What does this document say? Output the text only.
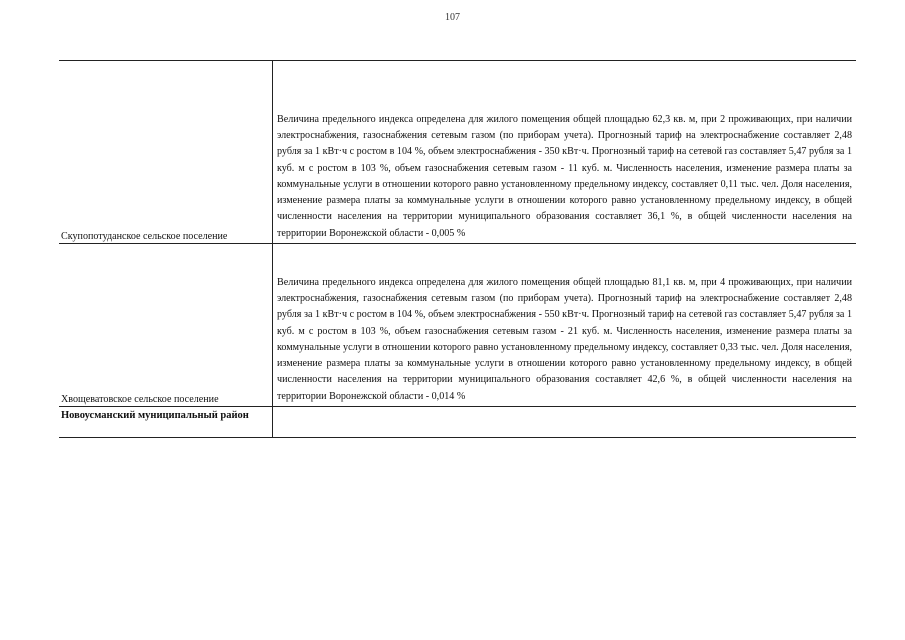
107
Скупопотуданское сельское поселение

Величина предельного индекса определена для жилого помещения общей площадью 62,3 кв. м, при 2 проживающих, при наличии электроснабжения, газоснабжения сетевым газом (по приборам учета). Прогнозный тариф на электроснабжение составляет 2,48 рубля за 1 кВт·ч с ростом в 104 %, объем электроснабжения - 350 кВт·ч. Прогнозный тариф на сетевой газ составляет 5,47 рубля за 1 куб. м с ростом в 103 %, объем газоснабжения сетевым газом - 11 куб. м. Численность населения, изменение размера платы за коммунальные услуги в отношении которого равно установленному предельному индексу, составляет 0,11 тыс. чел. Доля населения, изменение размера платы за коммунальные услуги в отношении которого равно установленному предельному индексу, в общей численности населения на территории муниципального образования составляет 36,1 %, в общей численности населения на территории Воронежской области - 0,005 %

Хвощеватовское сельское поселение

Величина предельного индекса определена для жилого помещения общей площадью 81,1 кв. м, при 4 проживающих, при наличии электроснабжения, газоснабжения сетевым газом (по приборам учета). Прогнозный тариф на электроснабжение составляет 2,48 рубля за 1 кВт·ч с ростом в 104 %, объем электроснабжения - 550 кВт·ч. Прогнозный тариф на сетевой газ составляет 5,47 рубля за 1 куб. м с ростом в 103 %, объем газоснабжения сетевым газом - 21 куб. м. Численность населения, изменение размера платы за коммунальные услуги в отношении которого равно установленному предельному индексу, составляет 0,33 тыс. чел. Доля населения, изменение размера платы за коммунальные услуги в отношении которого равно установленному предельному индексу, в общей численности населения на территории муниципального образования составляет 42,6 %, в общей численности населения на территории Воронежской области - 0,014 %

Новоусманский муниципальный район
